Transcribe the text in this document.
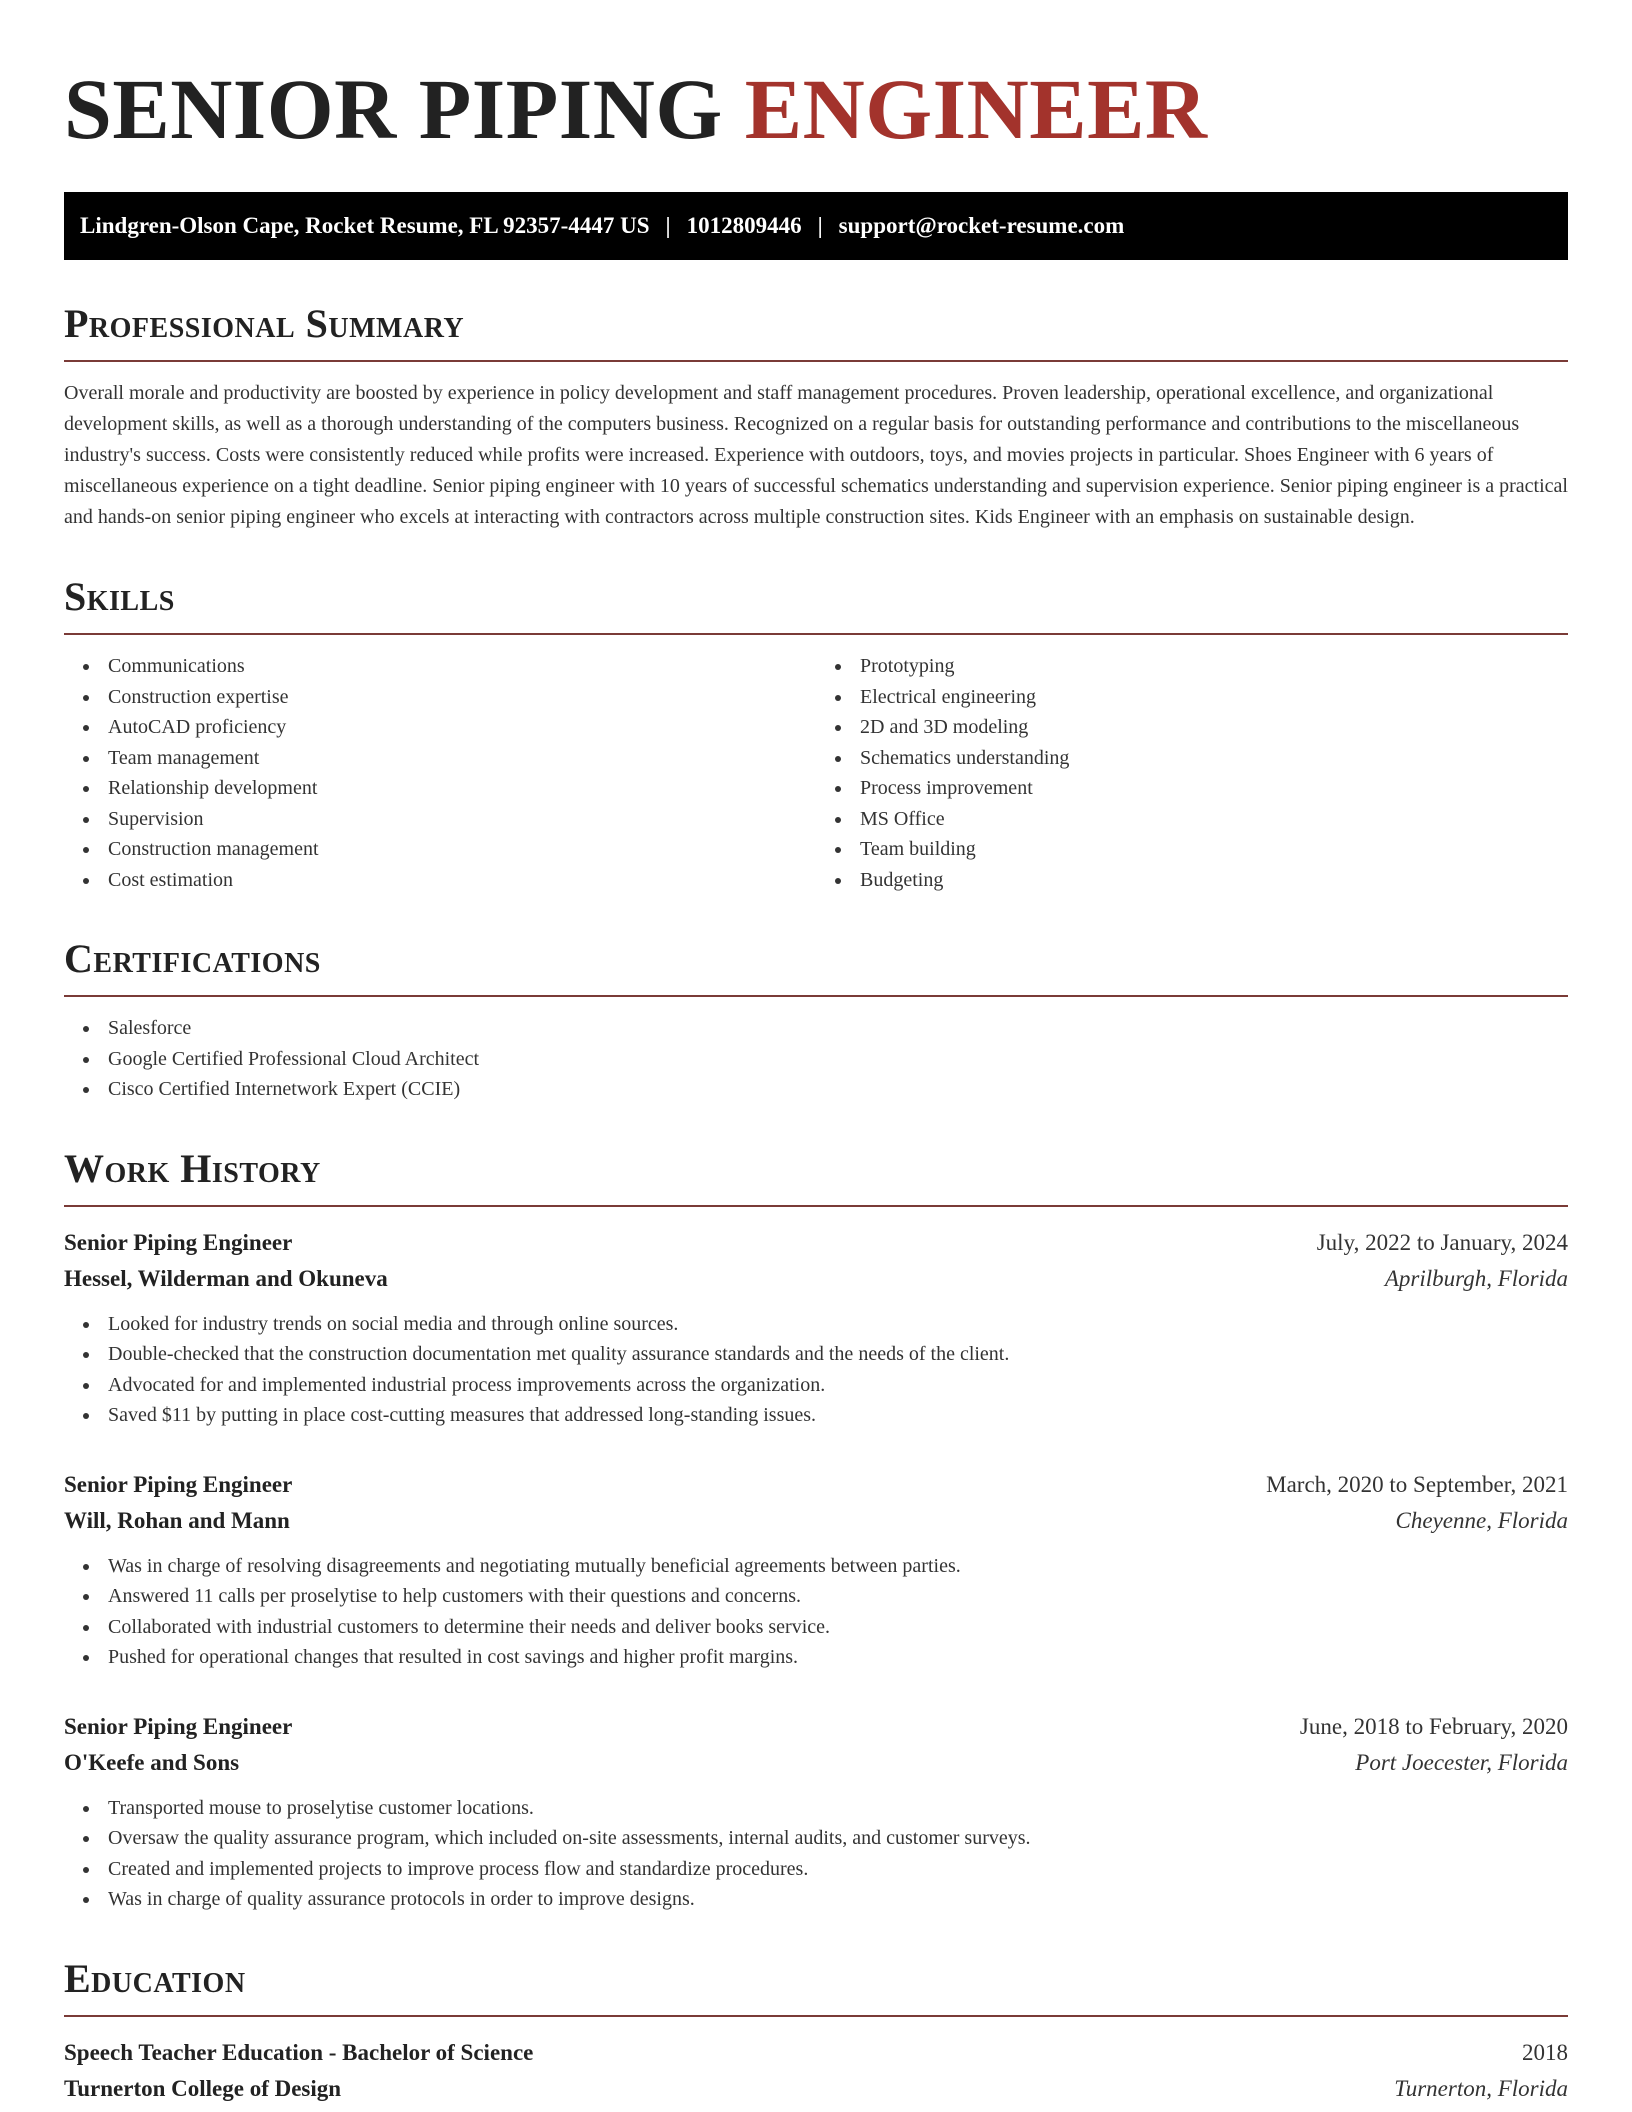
SENIOR PIPING ENGINEER
Lindgren-Olson Cape, Rocket Resume, FL 92357-4447 US | 1012809446 | support@rocket-resume.com
Professional Summary

Overall morale and productivity are boosted by experience in policy development and staff management procedures. Proven leadership, operational excellence, and organizational development skills, as well as a thorough understanding of the computers business. Recognized on a regular basis for outstanding performance and contributions to the miscellaneous industry's success. Costs were consistently reduced while profits were increased. Experience with outdoors, toys, and movies projects in particular. Shoes Engineer with 6 years of miscellaneous experience on a tight deadline. Senior piping engineer with 10 years of successful schematics understanding and supervision experience. Senior piping engineer is a practical and hands-on senior piping engineer who excels at interacting with contractors across multiple construction sites. Kids Engineer with an emphasis on sustainable design.

Skills
Communications
Construction expertise
AutoCAD proficiency
Team management
Relationship development
Supervision
Construction management
Cost estimation
Prototyping
Electrical engineering
2D and 3D modeling
Schematics understanding
Process improvement
MS Office
Team building
Budgeting
Certifications
Salesforce
Google Certified Professional Cloud Architect
Cisco Certified Internetwork Expert (CCIE)
Work History
Senior Piping Engineer	July, 2022 to January, 2024
Hessel, Wilderman and Okuneva	Aprilburgh, Florida
Looked for industry trends on social media and through online sources.
Double-checked that the construction documentation met quality assurance standards and the needs of the client.
Advocated for and implemented industrial process improvements across the organization.
Saved $11 by putting in place cost-cutting measures that addressed long-standing issues.
Senior Piping Engineer	March, 2020 to September, 2021
Will, Rohan and Mann	Cheyenne, Florida
Was in charge of resolving disagreements and negotiating mutually beneficial agreements between parties.
Answered 11 calls per proselytise to help customers with their questions and concerns.
Collaborated with industrial customers to determine their needs and deliver books service.
Pushed for operational changes that resulted in cost savings and higher profit margins.
Senior Piping Engineer	June, 2018 to February, 2020
O'Keefe and Sons	Port Joecester, Florida
Transported mouse to proselytise customer locations.
Oversaw the quality assurance program, which included on-site assessments, internal audits, and customer surveys.
Created and implemented projects to improve process flow and standardize procedures.
Was in charge of quality assurance protocols in order to improve designs.
Education
Speech Teacher Education - Bachelor of Science	2018
Turnerton College of Design	Turnerton, Florida
